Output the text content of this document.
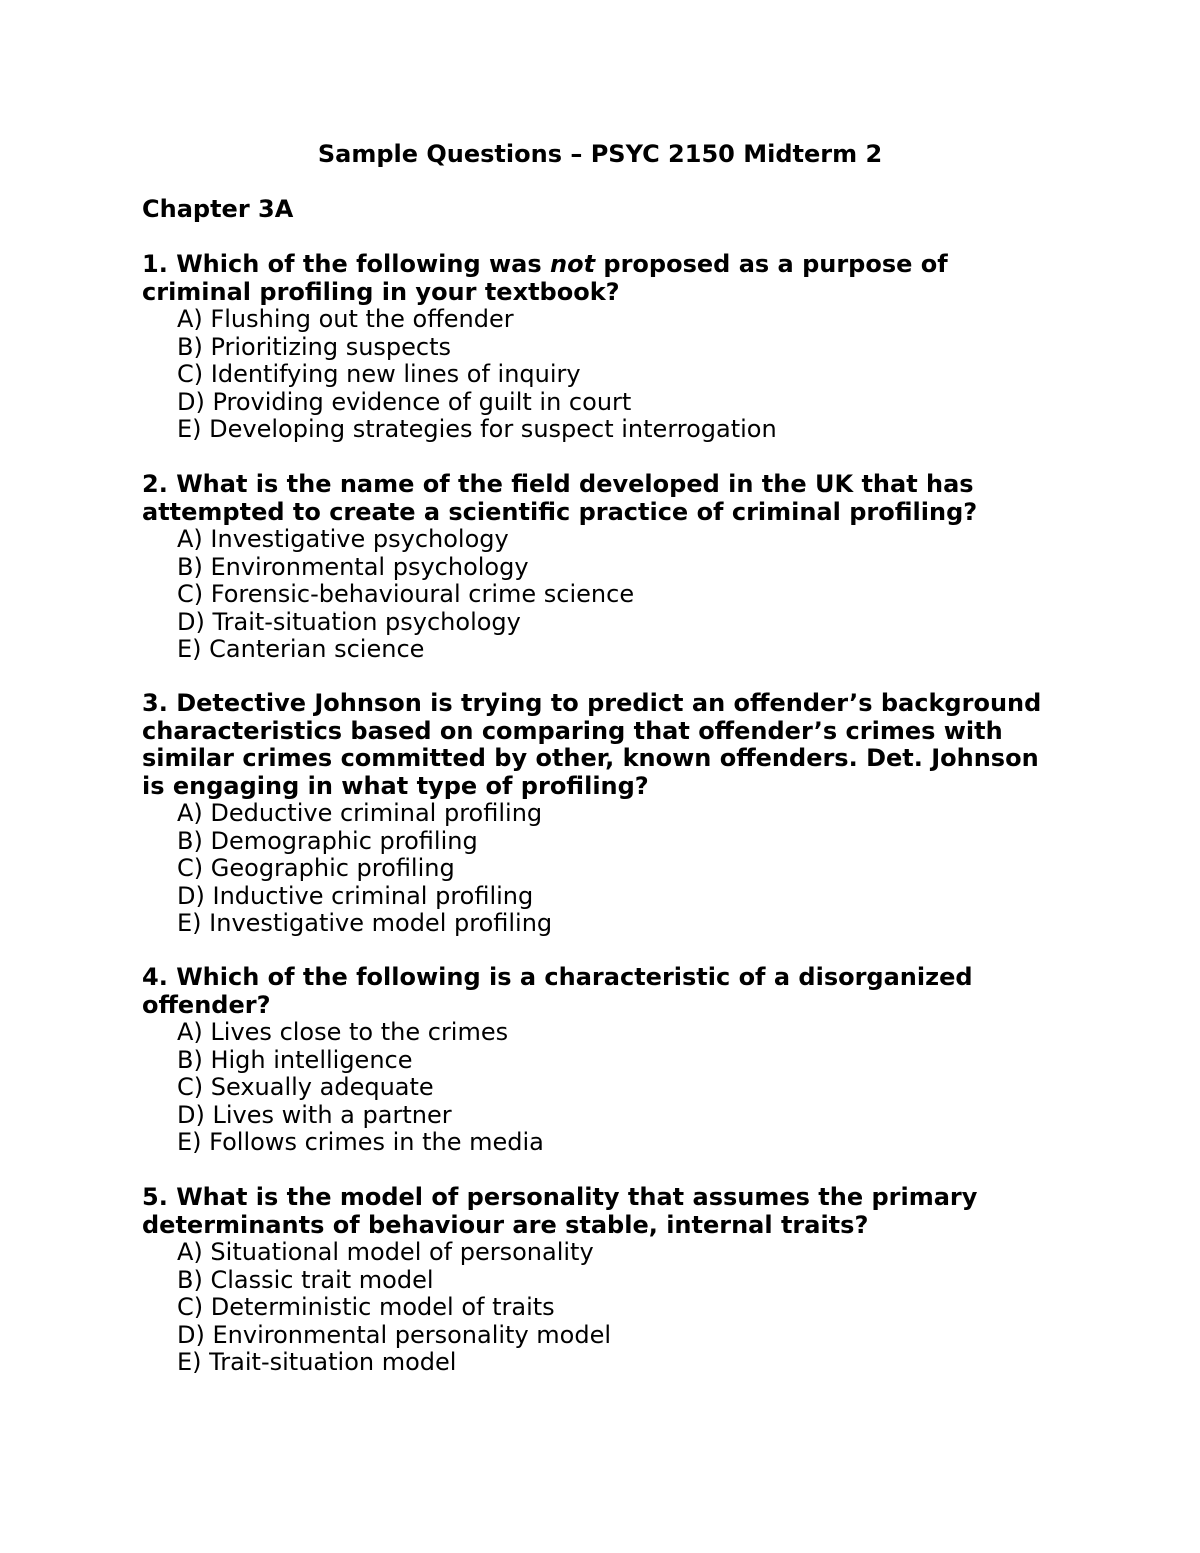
Sample Questions – PSYC 2150 Midterm 2
Chapter 3A

1. Which of the following was not proposed as a purpose of criminal profiling in your textbook?

A) Flushing out the offender
B) Prioritizing suspects
C) Identifying new lines of inquiry
D) Providing evidence of guilt in court
E) Developing strategies for suspect interrogation

2. What is the name of the field developed in the UK that has attempted to create a scientific practice of criminal profiling?

A) Investigative psychology
B) Environmental psychology
C) Forensic-behavioural crime science
D) Trait-situation psychology
E) Canterian science

3. Detective Johnson is trying to predict an offender’s background characteristics based on comparing that offender’s crimes with similar crimes committed by other, known offenders. Det. Johnson is engaging in what type of profiling?

A) Deductive criminal profiling
B) Demographic profiling
C) Geographic profiling
D) Inductive criminal profiling
E) Investigative model profiling

4. Which of the following is a characteristic of a disorganized offender?

A) Lives close to the crimes
B) High intelligence
C) Sexually adequate
D) Lives with a partner
E) Follows crimes in the media

5. What is the model of personality that assumes the primary determinants of behaviour are stable, internal traits?

A) Situational model of personality
B) Classic trait model
C) Deterministic model of traits
D) Environmental personality model
E) Trait-situation model
